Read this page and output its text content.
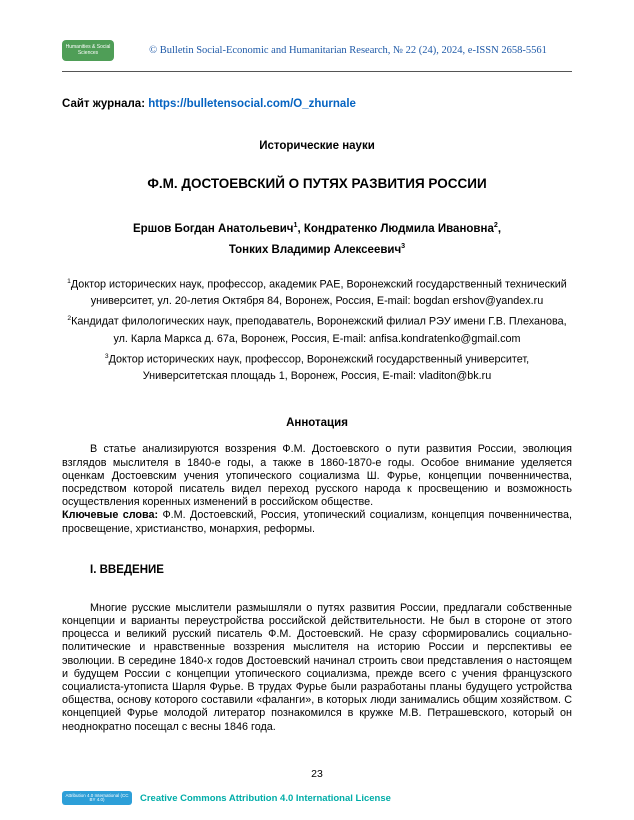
Humanities & Social Sciences	© Bulletin Social-Economic and Humanitarian Research, № 22 (24), 2024, e-ISSN 2658-5561

Сайт журнала: https://bulletensocial.com/O_zhurnale

Исторические науки

Ф.М. ДОСТОЕВСКИЙ О ПУТЯХ РАЗВИТИЯ РОССИИ

Ершов Богдан Анатольевич$^1$, Кондратенко Людмила Ивановна$^2$,
Тонких Владимир Алексеевич$^3$

$^1$Доктор исторических наук, профессор, академик РАЕ, Воронежский государственный технический университет, ул. 20-летия Октября 84, Воронеж, Россия, E-mail: bogdan ershov@yandex.ru

$^2$Кандидат филологических наук, преподаватель, Воронежский филиал РЭУ имени Г.В. Плеханова, ул. Карла Маркса д. 67а, Воронеж, Россия, E-mail: anfisa.kondratenko@gmail.com

$^3$Доктор исторических наук, профессор, Воронежский государственный университет, Университетская площадь 1, Воронеж, Россия, E-mail: vladiton@bk.ru

Аннотация

В статье анализируются воззрения Ф.М. Достоевского о пути развития России, эволюция взглядов мыслителя в 1840-е годы, а также в 1860-1870-е годы. Особое внимание уделяется оценкам Достоевским учения утопического социализма Ш. Фурье, концепции почвенничества, посредством которой писатель видел переход русского народа к просвещению и возможность осуществления коренных изменений в российском обществе.

Ключевые слова: Ф.М. Достоевский, Россия, утопический социализм, концепция почвенничества, просвещение, христианство, монархия, реформы.

I. ВВЕДЕНИЕ

Многие русские мыслители размышляли о путях развития России, предлагали собственные концепции и варианты переустройства российской действительности. Не был в стороне от этого процесса и великий русский писатель Ф.М. Достоевский. Не сразу сформировались социально-политические и нравственные воззрения мыслителя на историю России и перспективы ее эволюции. В середине 1840-х годов Достоевский начинал строить свои представления о настоящем и будущем России с концепции утопического социализма, прежде всего с учения французского социалиста-утописта Шарля Фурье. В трудах Фурье были разработаны планы будущего устройства общества, основу которого составили «фаланги», в которых люди занимались общим хозяйством. С концепцией Фурье молодой литератор познакомился в кружке М.В. Петрашевского, который он неоднократно посещал с весны 1846 года.

23
Attribution 4.0 International (CC BY 4.0)	Creative Commons Attribution 4.0 International License
